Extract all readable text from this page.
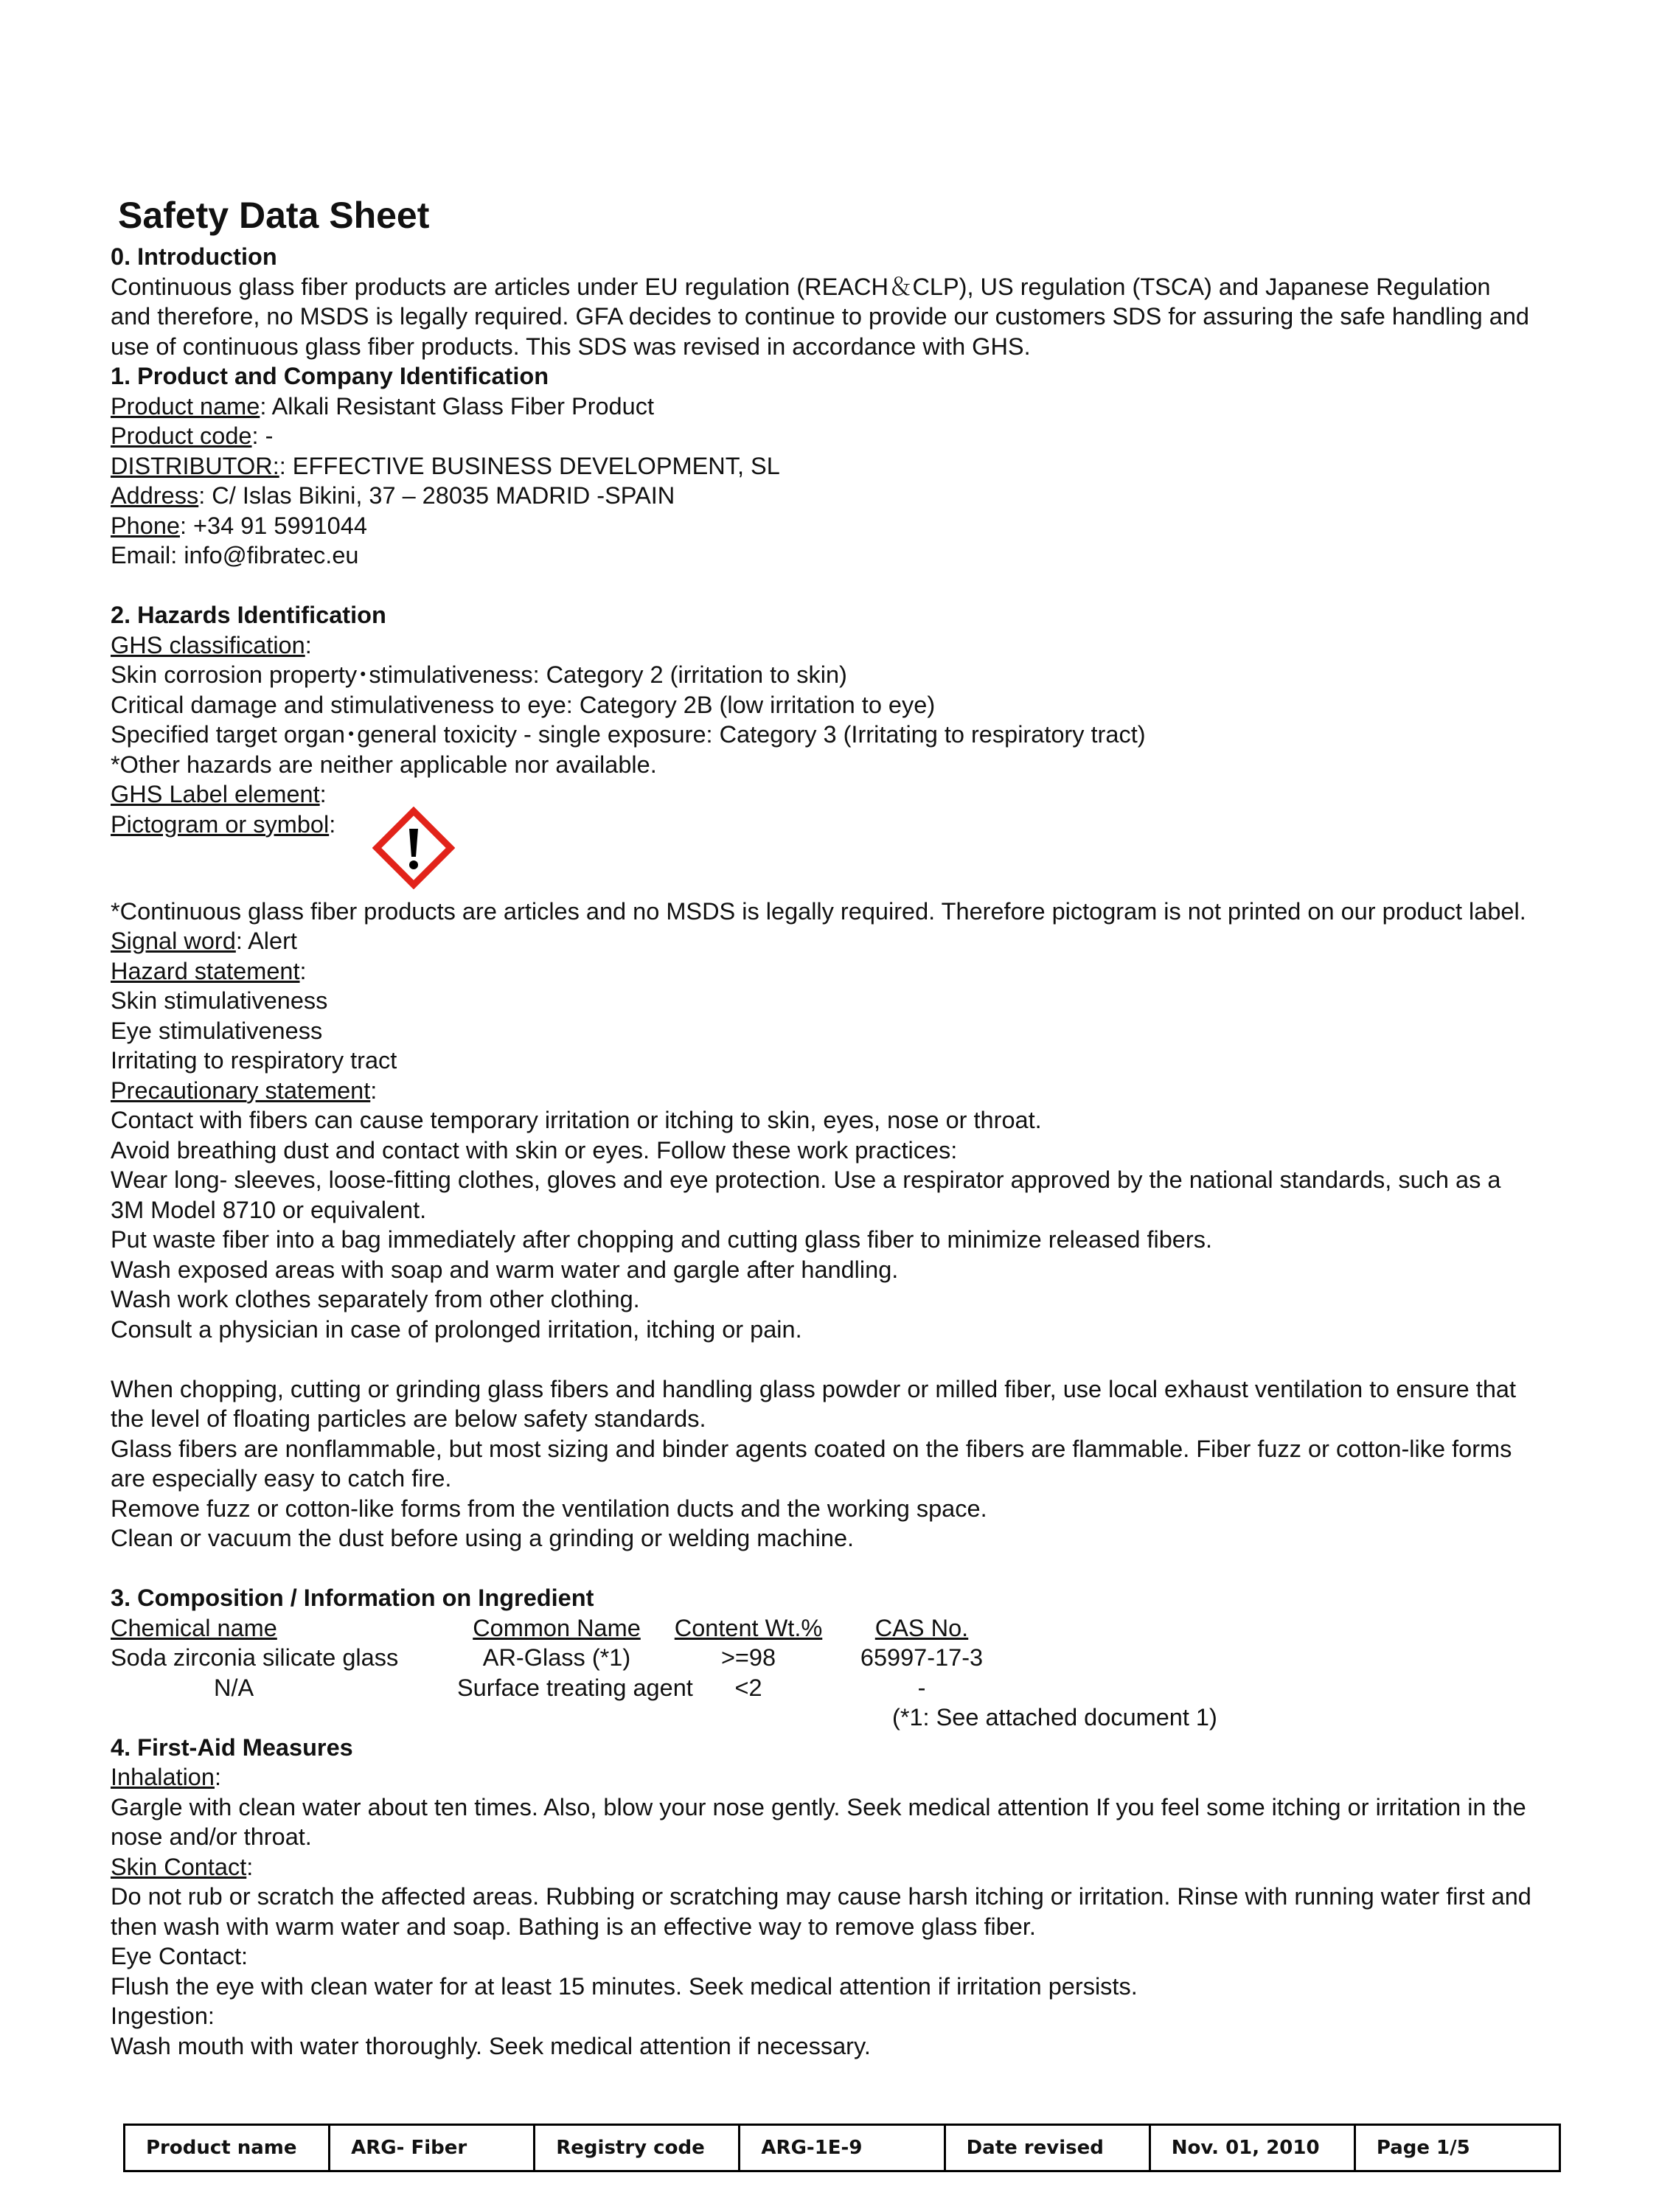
Safety Data Sheet
0. Introduction
Continuous glass fiber products are articles under EU regulation (REACH＆CLP), US regulation (TSCA) and Japanese Regulation
and therefore, no MSDS is legally required. GFA decides to continue to provide our customers SDS for assuring the safe handling and
use of continuous glass fiber products. This SDS was revised in accordance with GHS.
1. Product and Company Identification
Product name: Alkali Resistant Glass Fiber Product
Product code: -
DISTRIBUTOR:: EFFECTIVE BUSINESS DEVELOPMENT, SL
Address: C/ Islas Bikini, 37 – 28035 MADRID -SPAIN
Phone: +34 91 5991044
Email: info@fibratec.eu
2. Hazards Identification
GHS classification:
Skin corrosion property･stimulativeness: Category 2 (irritation to skin)
Critical damage and stimulativeness to eye: Category 2B (low irritation to eye)
Specified target organ･general toxicity - single exposure: Category 3 (Irritating to respiratory tract)
*Other hazards are neither applicable nor available.
GHS Label element:
Pictogram or symbol:
*Continuous glass fiber products are articles and no MSDS is legally required. Therefore pictogram is not printed on our product label.
Signal word: Alert
Hazard statement:
Skin stimulativeness
Eye stimulativeness
Irritating to respiratory tract
Precautionary statement:
Contact with fibers can cause temporary irritation or itching to skin, eyes, nose or throat.
Avoid breathing dust and contact with skin or eyes. Follow these work practices:
Wear long- sleeves, loose-fitting clothes, gloves and eye protection. Use a respirator approved by the national standards, such as a
3M Model 8710 or equivalent.
Put waste fiber into a bag immediately after chopping and cutting glass fiber to minimize released fibers.
Wash exposed areas with soap and warm water and gargle after handling.
Wash work clothes separately from other clothing.
Consult a physician in case of prolonged irritation, itching or pain.
When chopping, cutting or grinding glass fibers and handling glass powder or milled fiber, use local exhaust ventilation to ensure that
the level of floating particles are below safety standards.
Glass fibers are nonflammable, but most sizing and binder agents coated on the fibers are flammable. Fiber fuzz or cotton-like forms
are especially easy to catch fire.
Remove fuzz or cotton-like forms from the ventilation ducts and the working space.
Clean or vacuum the dust before using a grinding or welding machine.
3. Composition / Information on Ingredient
Chemical name	Common Name	Content Wt.%	CAS No.
Soda zirconia silicate glass	AR-Glass (*1)	>=98	65997-17-3
N/A	Surface treating agent	<2	-
(*1: See attached document 1)
4. First-Aid Measures
Inhalation:
Gargle with clean water about ten times. Also, blow your nose gently. Seek medical attention If you feel some itching or irritation in the
nose and/or throat.
Skin Contact:
Do not rub or scratch the affected areas. Rubbing or scratching may cause harsh itching or irritation. Rinse with running water first and
then wash with warm water and soap. Bathing is an effective way to remove glass fiber.
Eye Contact:
Flush the eye with clean water for at least 15 minutes. Seek medical attention if irritation persists.
Ingestion:
Wash mouth with water thoroughly. Seek medical attention if necessary.
Product name	ARG- Fiber	Registry code	ARG-1E-9	Date revised	Nov. 01, 2010	Page 1/5
